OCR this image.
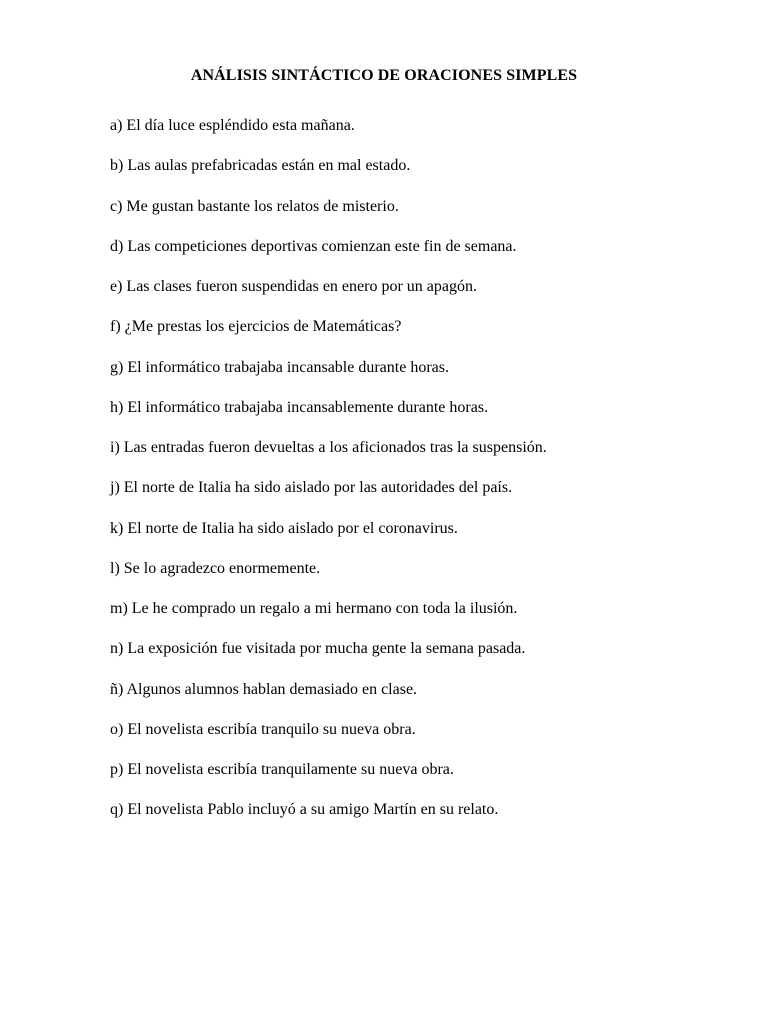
ANÁLISIS SINTÁCTICO DE ORACIONES SIMPLES
a) El día luce espléndido esta mañana.
b) Las aulas prefabricadas están en mal estado.
c) Me gustan bastante los relatos de misterio.
d) Las competiciones deportivas comienzan este fin de semana.
e) Las clases fueron suspendidas en enero por un apagón.
f) ¿Me prestas los ejercicios de Matemáticas?
g) El informático trabajaba incansable durante horas.
h) El informático trabajaba incansablemente durante horas.
i) Las entradas fueron devueltas a los aficionados tras la suspensión.
j) El norte de Italia ha sido aislado por las autoridades del país.
k) El norte de Italia ha sido aislado por el coronavirus.
l) Se lo agradezco enormemente.
m) Le he comprado un regalo a mi hermano con toda la ilusión.
n) La exposición fue visitada por mucha gente la semana pasada.
ñ) Algunos alumnos hablan demasiado en clase.
o) El novelista escribía tranquilo su nueva obra.
p) El novelista escribía tranquilamente su nueva obra.
q) El novelista Pablo incluyó a su amigo Martín en su relato.
